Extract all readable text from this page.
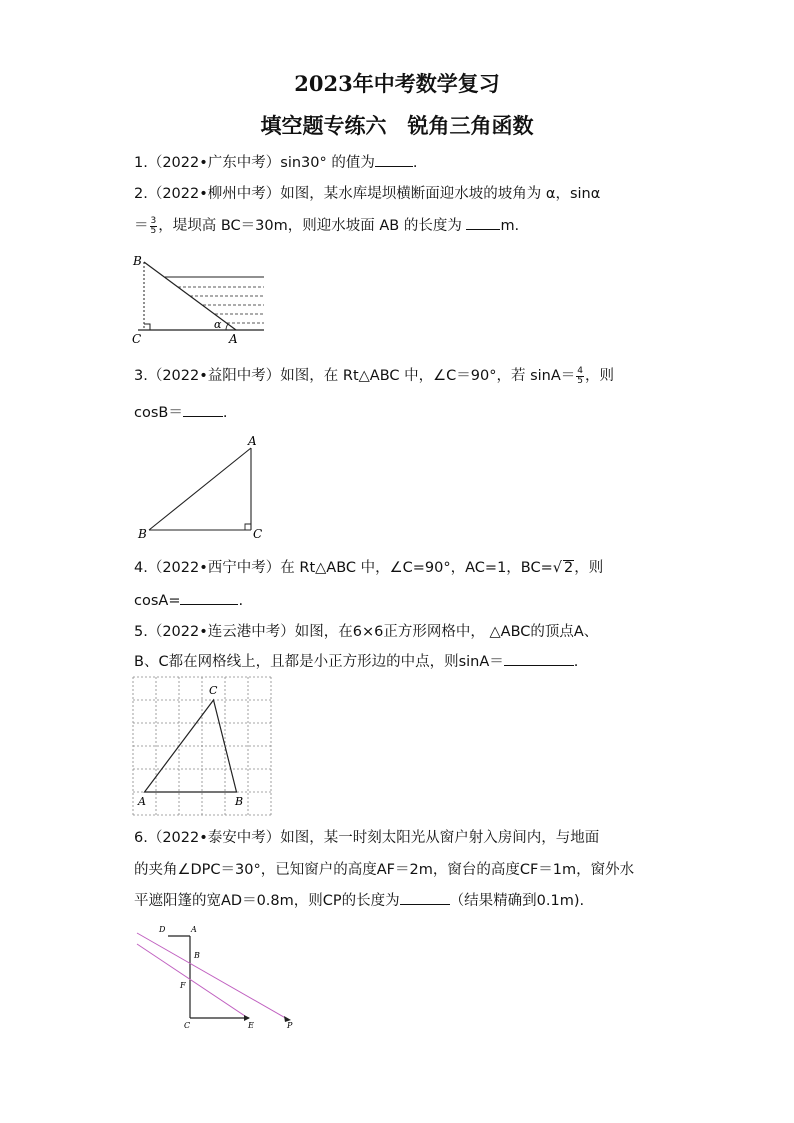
2023年中考数学复习
填空题专练六　锐角三角函数
1.（2022•广东中考）sin30° 的值为	.
2.（2022•柳州中考）如图，某水库堤坝横断面迎水坡的坡角为 α，sinα
＝ $\frac{3}{5}$ ，堤坝高 BC＝30m，则迎水坡面 AB 的长度为 m.
B
C	A
α
3.（2022•益阳中考）如图，在 Rt△ABC 中，∠C＝90°，若 $\sin A= \frac{4}{5}$ ，则
cosB＝	.
A
B	C
4.（2022•西宁中考）在 Rt△ABC 中，∠C=90°，AC=1，BC=√ 2，则
cosA=	.
5.（2022•连云港中考）如图，在6×6正方形网格中， △ABC的顶点A、
B、C都在网格线上，且都是小正方形边的中点，则sinA＝	.
A	B
C
6.（2022•泰安中考）如图，某一时刻太阳光从窗户射入房间内，与地面
的夹角∠DPC＝30°，已知窗户的高度AF＝2m，窗台的高度CF＝1m，窗外水
平遮阳篷的宽AD＝0.8m，则CP的长度为	（结果精确到0.1m).
D	A
B
F
C	E	P
